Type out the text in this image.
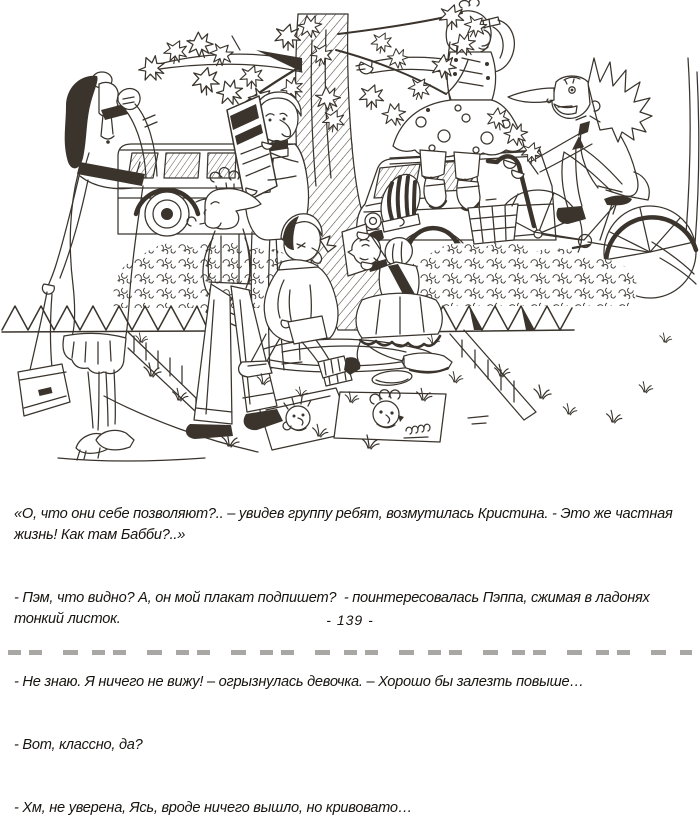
«О, что они себе позволяют?.. – увидев группу ребят, возмутилась Кристина. - Это же частная жизнь! Как там Бабби?..»

- Пэм, что видно? А, он мой плакат подпишет?  - поинтересовалась Пэппа, сжимая в ладонях тонкий листок.

- Не знаю. Я ничего не вижу! – огрызнулась девочка. – Хорошо бы залезть повыше…

- Вот, классно, да?

- Хм, не уверена, Ясь, вроде ничего вышло, но кривовато…

- 139 -
